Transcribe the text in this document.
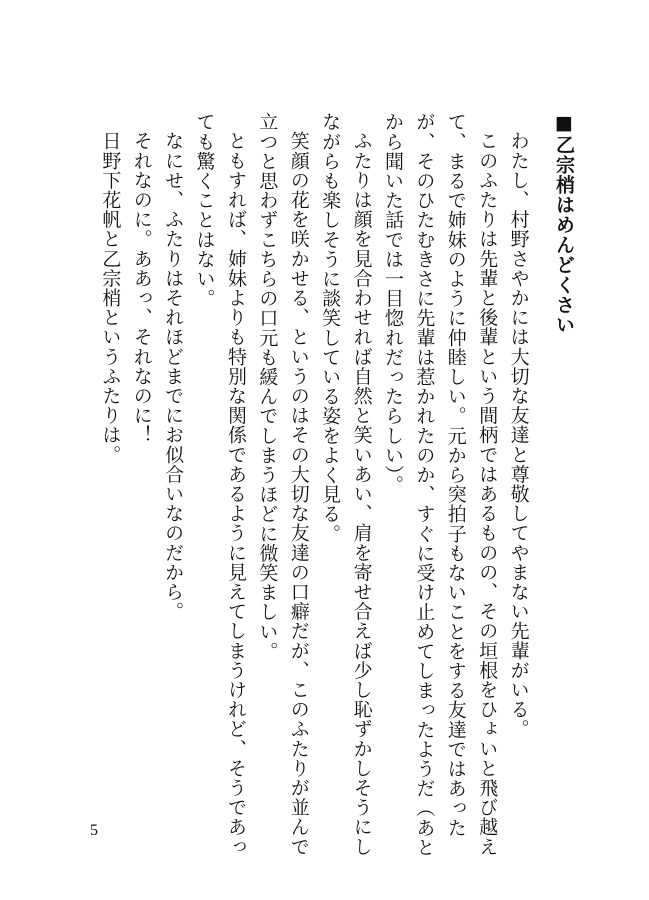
■乙宗梢はめんどくさい

わたし、村野さやかには大切な友達と尊敬してやまない先輩がいる。

このふたりは先輩と後輩という間柄ではあるものの、その垣根をひょいと飛び越えて、まるで姉妹のように仲睦しい。元から突拍子もないことをする友達ではあったが、そのひたむきさに先輩は惹かれたのか、すぐに受け止めてしまったようだ（あとから聞いた話では一目惚れだったらしい）。

ふたりは顔を見合わせれば自然と笑いあい、肩を寄せ合えば少し恥ずかしそうにしながらも楽しそうに談笑している姿をよく見る。

笑顔の花を咲かせる、というのはその大切な友達の口癖だが、このふたりが並んで立つと思わずこちらの口元も緩んでしまうほどに微笑ましい。

ともすれば、姉妹よりも特別な関係であるように見えてしまうけれど、そうであっても驚くことはない。

なにせ、ふたりはそれほどまでにお似合いなのだから。

それなのに。ああっ、それなのに！

日野下花帆と乙宗梢というふたりは。

5
